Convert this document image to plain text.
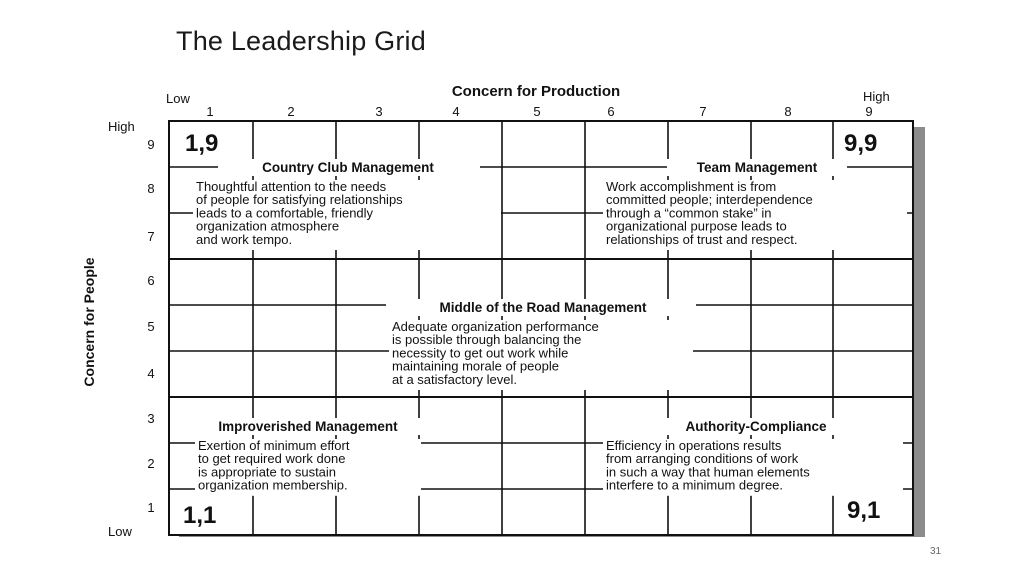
The Leadership Grid
Concern for Production
Low	High
1	2	3	4	5	6	7	8	9
Concern for People
High
Low
9
8
7
6
5
4
3
2
1
1,9	9,9
1,1	9,1
Country Club Management
Thoughtful attention to the needs
of people for satisfying relationships
leads to a comfortable, friendly
organization atmosphere
and work tempo.
Team Management
Work accomplishment is from
committed people; interdependence
through a “common stake” in
organizational purpose leads to
relationships of trust and respect.
Middle of the Road Management
Adequate organization performance
is possible through balancing the
necessity to get out work while
maintaining morale of people
at a satisfactory level.
Improverished Management
Exertion of minimum effort
to get required work done
is appropriate to sustain
organization membership.
Authority-Compliance
Efficiency in operations results
from arranging conditions of work
in such a way that human elements
interfere to a minimum degree.
31
